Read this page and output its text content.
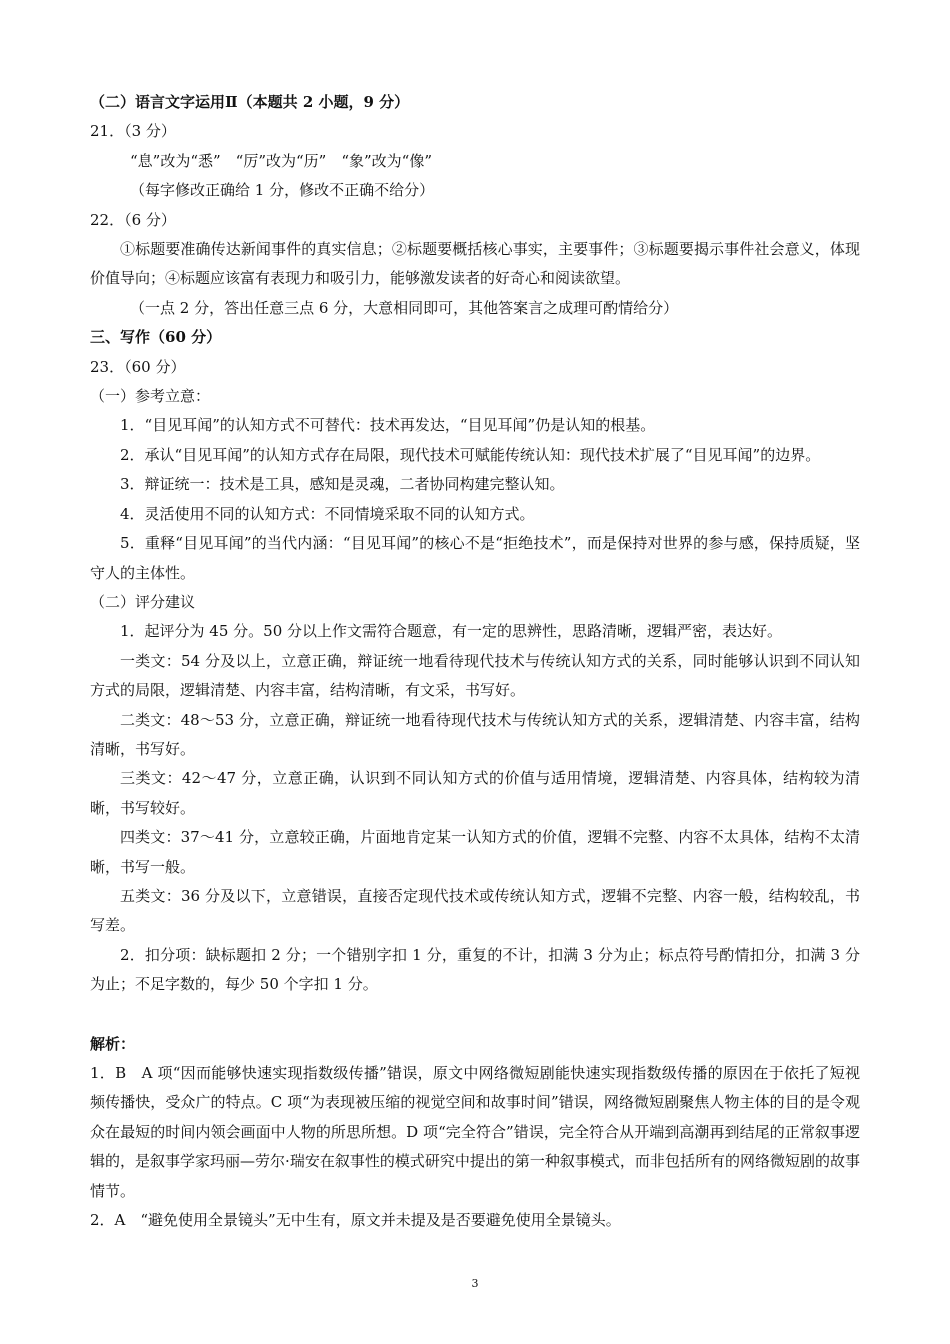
（二）语言文字运用Ⅱ（本题共 2 小题，9 分）
21．（3 分）
“息”改为“悉”　“厉”改为“历”　“象”改为“像”
（每字修改正确给 1 分，修改不正确不给分）
22．（6 分）
①标题要准确传达新闻事件的真实信息；②标题要概括核心事实，主要事件；③标题要揭示事件社会意义，体现价值导向；④标题应该富有表现力和吸引力，能够激发读者的好奇心和阅读欲望。
（一点 2 分，答出任意三点 6 分，大意相同即可，其他答案言之成理可酌情给分）
三、写作（60 分）
23．（60 分）
（一）参考立意：
1．“目见耳闻”的认知方式不可替代：技术再发达，“目见耳闻”仍是认知的根基。
2．承认“目见耳闻”的认知方式存在局限，现代技术可赋能传统认知：现代技术扩展了“目见耳闻”的边界。
3．辩证统一：技术是工具，感知是灵魂，二者协同构建完整认知。
4．灵活使用不同的认知方式：不同情境采取不同的认知方式。
5．重释“目见耳闻”的当代内涵：“目见耳闻”的核心不是“拒绝技术”，而是保持对世界的参与感，保持质疑，坚守人的主体性。
（二）评分建议
1．起评分为 45 分。50 分以上作文需符合题意，有一定的思辨性，思路清晰，逻辑严密，表达好。
一类文：54 分及以上，立意正确，辩证统一地看待现代技术与传统认知方式的关系，同时能够认识到不同认知方式的局限，逻辑清楚、内容丰富，结构清晰，有文采，书写好。
二类文：48～53 分，立意正确，辩证统一地看待现代技术与传统认知方式的关系，逻辑清楚、内容丰富，结构清晰，书写好。
三类文：42～47 分，立意正确，认识到不同认知方式的价值与适用情境，逻辑清楚、内容具体，结构较为清晰，书写较好。
四类文：37～41 分，立意较正确，片面地肯定某一认知方式的价值，逻辑不完整、内容不太具体，结构不太清晰，书写一般。
五类文：36 分及以下，立意错误，直接否定现代技术或传统认知方式，逻辑不完整、内容一般，结构较乱，书写差。
2．扣分项：缺标题扣 2 分；一个错别字扣 1 分，重复的不计，扣满 3 分为止；标点符号酌情扣分，扣满 3 分为止；不足字数的，每少 50 个字扣 1 分。
解析：
1．B　A 项“因而能够快速实现指数级传播”错误，原文中网络微短剧能快速实现指数级传播的原因在于依托了短视频传播快，受众广的特点。C 项“为表现被压缩的视觉空间和故事时间”错误，网络微短剧聚焦人物主体的目的是令观众在最短的时间内领会画面中人物的所思所想。D 项“完全符合”错误，完全符合从开端到高潮再到结尾的正常叙事逻辑的，是叙事学家玛丽—劳尔·瑞安在叙事性的模式研究中提出的第一种叙事模式，而非包括所有的网络微短剧的故事情节。
2．A　“避免使用全景镜头”无中生有，原文并未提及是否要避免使用全景镜头。
3
